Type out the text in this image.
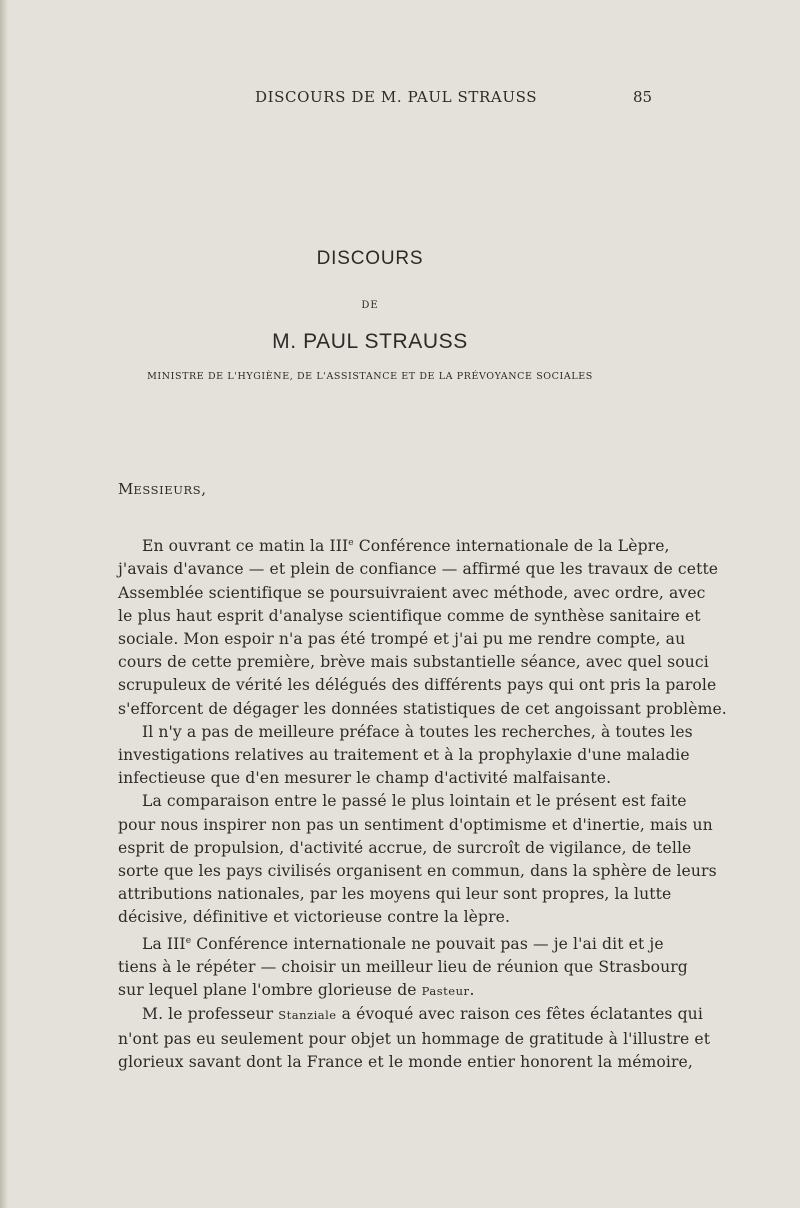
DISCOURS DE M. PAUL STRAUSS	85
DISCOURS
DE
M. PAUL STRAUSS
MINISTRE DE L'HYGIÈNE, DE L'ASSISTANCE ET DE LA PRÉVOYANCE SOCIALES
MESSIEURS,
En ouvrant ce matin la IIIe Conférence internationale de la Lèpre,
j'avais d'avance — et plein de confiance — affirmé que les travaux de cette
Assemblée scientifique se poursuivraient avec méthode, avec ordre, avec
le plus haut esprit d'analyse scientifique comme de synthèse sanitaire et
sociale. Mon espoir n'a pas été trompé et j'ai pu me rendre compte, au
cours de cette première, brève mais substantielle séance, avec quel souci
scrupuleux de vérité les délégués des différents pays qui ont pris la parole
s'efforcent de dégager les données statistiques de cet angoissant problème.
Il n'y a pas de meilleure préface à toutes les recherches, à toutes les
investigations relatives au traitement et à la prophylaxie d'une maladie
infectieuse que d'en mesurer le champ d'activité malfaisante.
La comparaison entre le passé le plus lointain et le présent est faite
pour nous inspirer non pas un sentiment d'optimisme et d'inertie, mais un
esprit de propulsion, d'activité accrue, de surcroît de vigilance, de telle
sorte que les pays civilisés organisent en commun, dans la sphère de leurs
attributions nationales, par les moyens qui leur sont propres, la lutte
décisive, définitive et victorieuse contre la lèpre.
La IIIe Conférence internationale ne pouvait pas — je l'ai dit et je
tiens à le répéter — choisir un meilleur lieu de réunion que Strasbourg
sur lequel plane l'ombre glorieuse de Pasteur.
M. le professeur Stanziale a évoqué avec raison ces fêtes éclatantes qui
n'ont pas eu seulement pour objet un hommage de gratitude à l'illustre et
glorieux savant dont la France et le monde entier honorent la mémoire,
